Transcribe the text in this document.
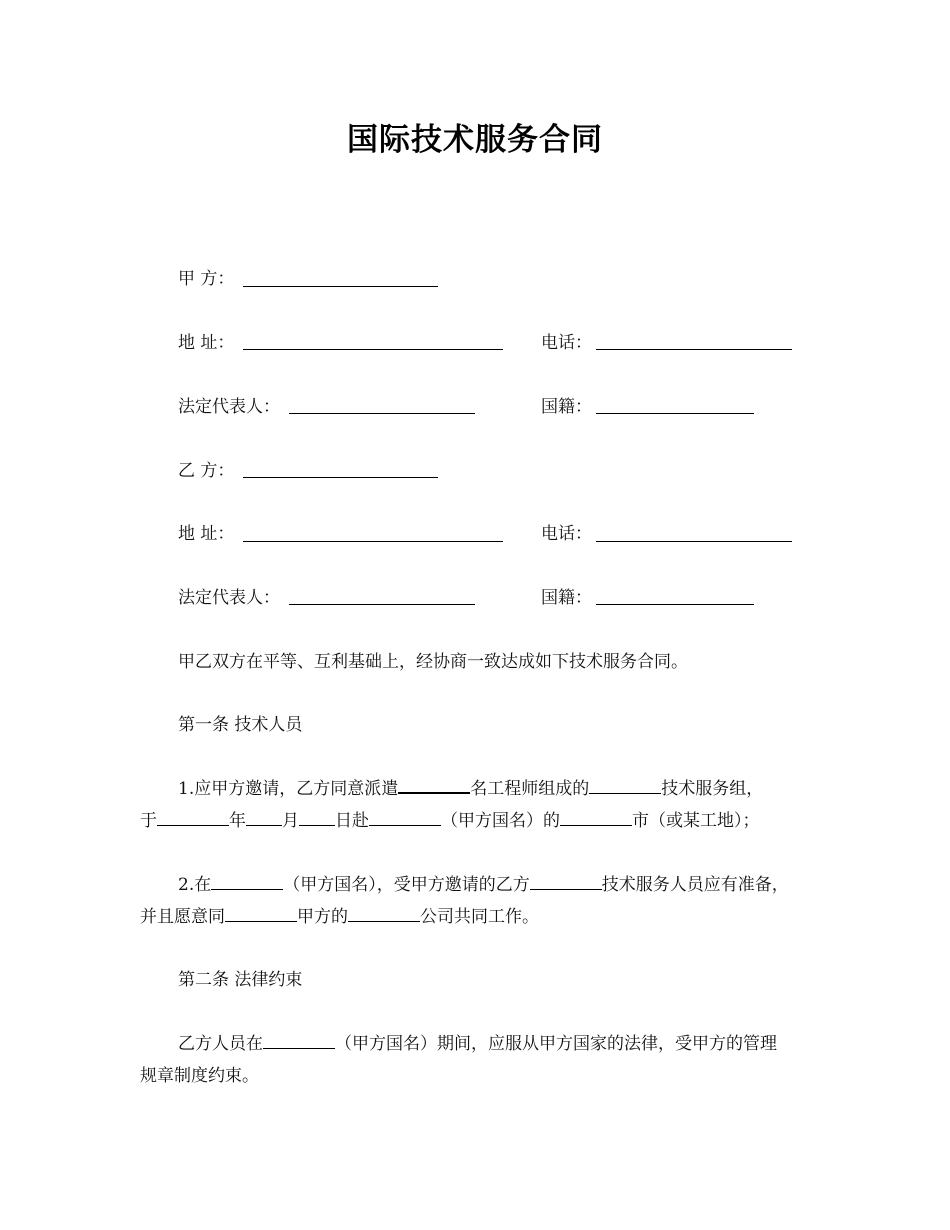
国际技术服务合同
甲 方：
地 址：	电话：
法定代表人：	国籍：
乙 方：
地 址：	电话：
法定代表人：	国籍：
甲乙双方在平等、互利基础上，经协商一致达成如下技术服务合同。
第一条 技术人员
1.应甲方邀请，乙方同意派遣	名工程师组成的	技术服务组，
于	年 月 日赴	（甲方国名）的	市（或某工地）；
2.在	（甲方国名），受甲方邀请的乙方	技术服务人员应有准备，
并且愿意同	甲方的	公司共同工作。
第二条 法律约束
乙方人员在	（甲方国名）期间，应服从甲方国家的法律，受甲方的管理
规章制度约束。
